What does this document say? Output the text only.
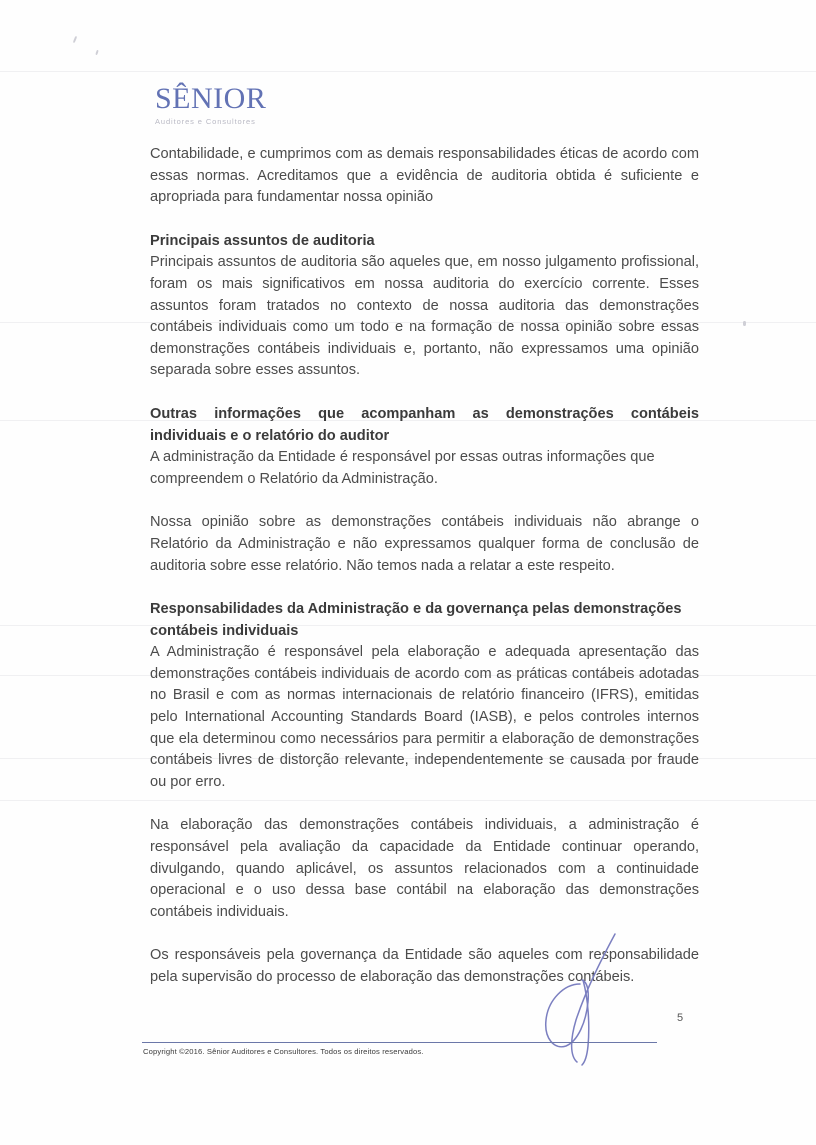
SÊNIOR
Auditores e Consultores

Contabilidade, e cumprimos com as demais responsabilidades éticas de acordo com essas normas. Acreditamos que a evidência de auditoria obtida é suficiente e apropriada para fundamentar nossa opinião

Principais assuntos de auditoria

Principais assuntos de auditoria são aqueles que, em nosso julgamento profissional, foram os mais significativos em nossa auditoria do exercício corrente. Esses assuntos foram tratados no contexto de nossa auditoria das demonstrações contábeis individuais como um todo e na formação de nossa opinião sobre essas demonstrações contábeis individuais e, portanto, não expressamos uma opinião separada sobre esses assuntos.

Outras informações que acompanham as demonstrações contábeis individuais e o relatório do auditor

A administração da Entidade é responsável por essas outras informações que compreendem o Relatório da Administração.

Nossa opinião sobre as demonstrações contábeis individuais não abrange o Relatório da Administração e não expressamos qualquer forma de conclusão de auditoria sobre esse relatório. Não temos nada a relatar a este respeito.

Responsabilidades da Administração e da governança pelas demonstrações contábeis individuais

A Administração é responsável pela elaboração e adequada apresentação das demonstrações contábeis individuais de acordo com as práticas contábeis adotadas no Brasil e com as normas internacionais de relatório financeiro (IFRS), emitidas pelo International Accounting Standards Board (IASB), e pelos controles internos que ela determinou como necessários para permitir a elaboração de demonstrações contábeis livres de distorção relevante, independentemente se causada por fraude ou por erro.

Na elaboração das demonstrações contábeis individuais, a administração é responsável pela avaliação da capacidade da Entidade continuar operando, divulgando, quando aplicável, os assuntos relacionados com a continuidade operacional e o uso dessa base contábil na elaboração das demonstrações contábeis individuais.

Os responsáveis pela governança da Entidade são aqueles com responsabilidade pela supervisão do processo de elaboração das demonstrações contábeis.

5
Copyright ©2016. Sênior Auditores e Consultores. Todos os direitos reservados.
